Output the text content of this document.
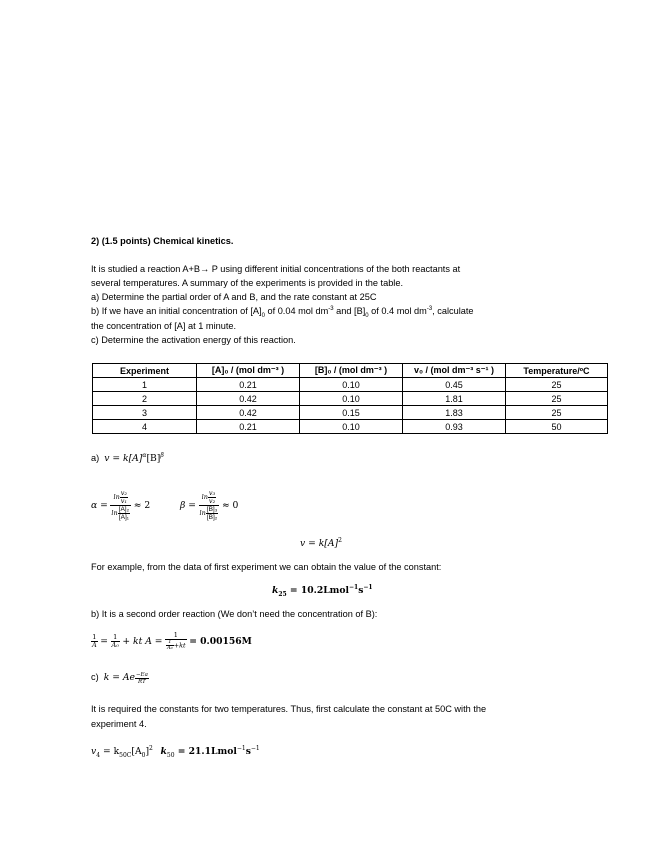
2) (1.5 points) Chemical kinetics.
It is studied a reaction A+B→ P using different initial concentrations of the both reactants at
several temperatures. A summary of the experiments is provided in the table.
a) Determine the partial order of A and B, and the rate constant at 25C
b) If we have an initial concentration of $[A]_0$ of 0.04 mol $dm^{-3}$ and $[B]_0$ of 0.4 mol $dm^{-3}$, calculate
the concentration of [A] at 1 minute.
c) Determine the activation energy of this reaction.
Experiment	[A]₀ / (mol dm⁻³ )	[B]₀ / (mol dm⁻³ )	v₀ / (mol dm⁻³ s⁻¹ )	Temperature/ºC
1	0.21	0.10	0.45	25
2	0.42	0.10	1.81	25
3	0.42	0.15	1.83	25
4	0.21	0.10	0.93	50
a) $v = k[A]^\alpha[B]^\beta$
$\alpha = \frac{\ln \frac{\text{v₂}}{\text{v₁}}}{\ln \frac{\text{[A]₂}}{\text{[A]₁}}} \approx 2$	$\beta = \frac{\ln \frac{\text{v₃}}{\text{v₂}}}{\ln \frac{\text{[B]₃}}{\text{[B]₂}}} \approx 0$
$v = k[A]^2$
For example, from the data of first experiment we can obtain the value of the constant:
$k_{25}$ = $10.2Lmol^{-1}s^{-1}$
b) It is a second order reaction (We don’t need the concentration of B):
$\frac{1}{A} = \frac{1}{\text{A₀}}$ + kt $A = \frac{1}{\frac{1}{\text{A₀}} +kt} = 0.00156M$
c) k = Ae $\frac{-Ea}{RT}$
It is required the constants for two temperatures. Thus, first calculate the constant at 50C with the
experiment 4.
$v_4 = k_{50C}[A_0]^2$ $k_{50}$ = $21.1Lmol^{-1}s^{-1}$
